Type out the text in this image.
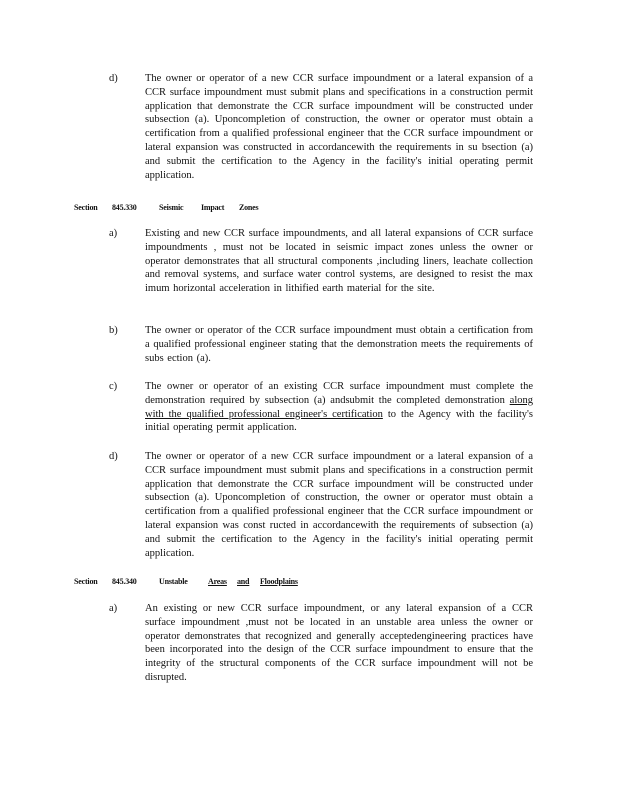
d)	The owner or operator of a new CCR surface impoundment or a lateral expansion of a CCR surface impoundment must submit plans and specifications in a construction permit application that demonstrate the CCR surface impoundment will be constructed under subsection (a). Uponcompletion of construction, the owner or operator must obtain a certification from a qualified professional engineer that the CCR surface impoundment or lateral expansion was constructed in accordancewith the requirements in su bsection (a) and submit the certification to the Agency in the facility's initial operating permit application.

Section 845.330	Seismic Impact Zones
a)	Existing and new CCR surface impoundments, and all lateral expansions of CCR surface impoundments , must not be located in seismic impact zones unless the owner or operator demonstrates that all structural components ,including liners, leachate collection and removal systems, and surface water control systems, are designed to resist the max imum horizontal acceleration in lithified earth material for the site.

b)	The owner or operator of the CCR surface impoundment must obtain a certification from a qualified professional engineer stating that the demonstration meets the requirements of subs ection (a).

c)	The owner or operator of an existing CCR surface impoundment must complete the demonstration required by subsection (a) andsubmit the completed demonstration along with the qualified professional engineer's certification to the Agency with the facility's initial operating permit application.

d)	The owner or operator of a new CCR surface impoundment or a lateral expansion of a CCR surface impoundment must submit plans and specifications in a construction permit application that demonstrate the CCR surface impoundment will be constructed under subsection (a). Uponcompletion of construction, the owner or operator must obtain a certification from a qualified professional engineer that the CCR surface impoundment or lateral expansion was const ructed in accordancewith the requirements of subsection (a) and submit the certification to the Agency in the facility's initial operating permit application.

Section 845.340	Unstable	Areas and Floodplains
a)	An existing or new CCR surface impoundment, or any lateral expansion of a CCR surface impoundment ,must not be located in an unstable area unless the owner or operator demonstrates that recognized and generally acceptedengineering practices have been incorporated into the design of the CCR surface impoundment to ensure that the integrity of the structural components of the CCR surface impoundment will not be disrupted.
